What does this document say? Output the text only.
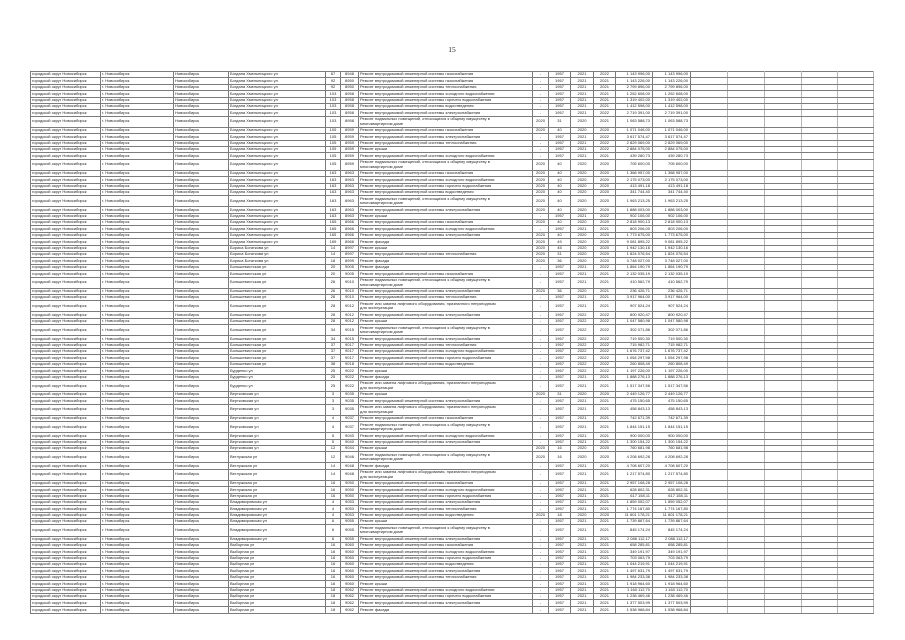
15
городской округ Новосибирск	г. Новосибирск	Новосибирск	Богдана Хмельницкого ул	87	8948	Ремонт внутридомовой инженерной системы газоснабжения	-	1957	2021	2022	1 143 996,00	1 143 996,00					
городской округ Новосибирск	г. Новосибирск	Новосибирск	Богдана Хмельницкого ул	92	8950	Ремонт внутридомовой инженерной системы газоснабжения	-	1957	2021	2021	1 143 226,00	1 143 226,00					
городской округ Новосибирск	г. Новосибирск	Новосибирск	Богдана Хмельницкого ул	92	8950	Ремонт внутридомовой инженерной системы теплоснабжения	-	1957	2021	2021	2 799 896,00	2 799 896,00					
городской округ Новосибирск	г. Новосибирск	Новосибирск	Богдана Хмельницкого ул	103	8958	Ремонт внутридомовой инженерной системы холодного водоснабжения	-	1957	2021	2021	1 252 608,00	1 252 608,00					
городской округ Новосибирск	г. Новосибирск	Новосибирск	Богдана Хмельницкого ул	103	8958	Ремонт внутридомовой инженерной системы горячего водоснабжения	-	1957	2021	2021	1 319 402,00	1 319 402,00					
городской округ Новосибирск	г. Новосибирск	Новосибирск	Богдана Хмельницкого ул	103	8958	Ремонт внутридомовой инженерной системы водоотведения	-	1957	2021	2021	1 412 598,00	1 412 598,00					
городской округ Новосибирск	г. Новосибирск	Новосибирск	Богдана Хмельницкого ул	103	8958	Ремонт внутридомовой инженерной системы электроснабжения	-	1957	2021	2022	2 719 391,00	2 719 391,00					
городской округ Новосибирск	г. Новосибирск	Новосибирск	Богдана Хмельницкого ул	103	8958	Ремонт подвальных помещений, относящихся к общему имуществу в многоквартирном доме	2020	31	2020	2021	1 063 588,73	1 063 588,73					
городской округ Новосибирск	г. Новосибирск	Новосибирск	Богдана Хмельницкого ул	105	8959	Ремонт внутридомовой инженерной системы газоснабжения	2020	40	2020	2020	1 071 046,00	1 071 046,00					
городской округ Новосибирск	г. Новосибирск	Новосибирск	Богдана Хмельницкого ул	105	8959	Ремонт внутридомовой инженерной системы электроснабжения	-	1957	2021	2022	3 617 574,47	3 617 574,47					
городской округ Новосибирск	г. Новосибирск	Новосибирск	Богдана Хмельницкого ул	105	8959	Ремонт внутридомовой инженерной системы теплоснабжения	-	1957	2021	2022	2 829 069,00	2 829 069,00					
городской округ Новосибирск	г. Новосибирск	Новосибирск	Богдана Хмельницкого ул	105	8959	Ремонт крыши	-	1957	2021	2022	2 884 075,00	2 884 075,00					
городской округ Новосибирск	г. Новосибирск	Новосибирск	Богдана Хмельницкого ул	105	8959	Ремонт внутридомовой инженерной системы холодного водоснабжения	-	1957	2021	2021	439 280,73	439 280,73					
городской округ Новосибирск	г. Новосибирск	Новосибирск	Богдана Хмельницкого ул	105	8959	Ремонт подвальных помещений, относящихся к общему имуществу в многоквартирном доме	2020	40	2020	2020	705 600,00	705 600,00					
городской округ Новосибирск	г. Новосибирск	Новосибирск	Богдана Хмельницкого ул	163	8963	Ремонт внутридомовой инженерной системы газоснабжения	2020	40	2020	2020	1 368 957,00	1 368 957,00					
городской округ Новосибирск	г. Новосибирск	Новосибирск	Богдана Хмельницкого ул	163	8963	Ремонт внутридомовой инженерной системы холодного водоснабжения	2020	40	2020	2020	2 175 073,00	2 175 073,00					
городской округ Новосибирск	г. Новосибирск	Новосибирск	Богдана Хмельницкого ул	163	8963	Ремонт внутридомовой инженерной системы горячего водоснабжения	2020	40	2020	2020	413 491,18	413 491,18					
городской округ Новосибирск	г. Новосибирск	Новосибирск	Богдана Хмельницкого ул	163	8963	Ремонт внутридомовой инженерной системы водоотведения	2020	40	2020	2020	341 744,40	341 744,40					
городской округ Новосибирск	г. Новосибирск	Новосибирск	Богдана Хмельницкого ул	163	8963	Ремонт подвальных помещений, относящихся к общему имуществу в многоквартирном доме	2020	40	2020	2020	1 963 213,25	1 963 213,25					
городской округ Новосибирск	г. Новосибирск	Новосибирск	Богдана Хмельницкого ул	163	8963	Ремонт внутридомовой инженерной системы электроснабжения	2020	40	2020	2020	1 888 003,00	1 888 003,00					
городской округ Новосибирск	г. Новосибирск	Новосибирск	Богдана Хмельницкого ул	163	8963	Ремонт крыши	-	1957	2021	2022	902 106,00	902 106,00					
городской округ Новосибирск	г. Новосибирск	Новосибирск	Богдана Хмельницкого ул	165	8966	Ремонт внутридомовой инженерной системы газоснабжения	2020	40	2020	2020	2 818 900,13	2 818 900,13					
городской округ Новосибирск	г. Новосибирск	Новосибирск	Богдана Хмельницкого ул	165	8966	Ремонт внутридомовой инженерной системы холодного водоснабжения	-	1957	2021	2021	803 206,00	803 206,00					
городской округ Новосибирск	г. Новосибирск	Новосибирск	Богдана Хмельницкого ул	165	8966	Ремонт внутридомовой инженерной системы электроснабжения	2020	40	2020	2020	1 773 675,00	1 773 675,00					
городской округ Новосибирск	г. Новосибирск	Новосибирск	Богдана Хмельницкого ул	165	8966	Ремонт фасада	2020	49	2020	2020	9 081 895,22	9 081 895,22					
городской округ Новосибирск	г. Новосибирск	Новосибирск	Бориса Богаткова ул	14	8997	Ремонт крыши	2020	45	2020	2020	1 942 130,16	1 942 130,16					
городской округ Новосибирск	г. Новосибирск	Новосибирск	Бориса Богаткова ул	14	8997	Ремонт внутридомовой инженерной системы теплоснабжения	2020	31	2020	2020	1 824 076,54	1 824 076,54					
городской округ Новосибирск	г. Новосибирск	Новосибирск	Бориса Богаткова ул	18	8999	Ремонт фасада	2020	36	2020	2020	3 748 027,00	3 748 027,00					
городской округ Новосибирск	г. Новосибирск	Новосибирск	Большевистская ул	20	9005	Ремонт фасада	-	1957	2021	2022	1 864 190,79	1 864 190,79					
городской округ Новосибирск	г. Новосибирск	Новосибирск	Большевистская ул	20	9005	Ремонт внутридомовой инженерной системы газоснабжения	-	1957	2021	2021	2 132 035,19	2 132 035,19					
городской округ Новосибирск	г. Новосибирск	Новосибирск	Большевистская ул	26	9010	Ремонт подвальных помещений, относящихся к общему имуществу в многоквартирном доме	-	1957	2021	2021	410 562,79	410 562,79					
городской округ Новосибирск	г. Новосибирск	Новосибирск	Большевистская ул	26	9010	Ремонт внутридомовой инженерной системы электроснабжения	2020	36	2020	2021	236 426,71	236 426,71					
городской округ Новосибирск	г. Новосибирск	Новосибирск	Большевистская ул	26	9010	Ремонт внутридомовой инженерной системы теплоснабжения	-	1957	2021	2021	3 917 964,00	3 917 964,00					
городской округ Новосибирск	г. Новосибирск	Новосибирск	Большевистская ул	28	9012	Ремонт или замена лифтового оборудования, признанного непригодным для эксплуатации	-	1957	2021	2021	907 524,24	907 524,24					
городской округ Новосибирск	г. Новосибирск	Новосибирск	Большевистская ул	28	9012	Ремонт внутридомовой инженерной системы электроснабжения	-	1957	2022	2022	800 920,47	800 920,47					
городской округ Новосибирск	г. Новосибирск	Новосибирск	Большевистская ул	28	9012	Ремонт крыши	-	1957	2022	2022	1 047 580,98	1 047 580,98					
городской округ Новосибирск	г. Новосибирск	Новосибирск	Большевистская ул	34	9015	Ремонт подвальных помещений, относящихся к общему имуществу в многоквартирном доме	-	1957	2022	2022	302 071,86	302 071,86					
городской округ Новосибирск	г. Новосибирск	Новосибирск	Большевистская ул	34	9015	Ремонт внутридомовой инженерной системы электроснабжения	-	1957	2022	2022	719 500,30	719 500,30					
городской округ Новосибирск	г. Новосибирск	Новосибирск	Большевистская ул	37	9017	Ремонт внутридомовой инженерной системы теплоснабжения	-	1957	2022	2022	715 982,71	715 982,71					
городской округ Новосибирск	г. Новосибирск	Новосибирск	Большевистская ул	37	9017	Ремонт внутридомовой инженерной системы холодного водоснабжения	-	1957	2022	2022	1 676 737,42	1 676 737,42					
городской округ Новосибирск	г. Новосибирск	Новосибирск	Большевистская ул	37	9017	Ремонт внутридомовой инженерной системы горячего водоснабжения	-	1957	2022	2022	1 054 297,98	1 054 297,98					
городской округ Новосибирск	г. Новосибирск	Новосибирск	Большевистская ул	38	9018	Ремонт внутридомовой инженерной системы водоотведения	-	1957	2022	2022	260 808,49	260 808,49					
городской округ Новосибирск	г. Новосибирск	Новосибирск	Бурденко ул	25	9022	Ремонт крыши	-	1957	2022	2022	1 197 226,00	1 197 226,00					
городской округ Новосибирск	г. Новосибирск	Новосибирск	Бурденко ул	25	9022	Ремонт фасада	-	1957	2021	2021	1 888 276,13	1 888 276,13					
городской округ Новосибирск	г. Новосибирск	Новосибирск	Бурденко ул	25	9022	Ремонт или замена лифтового оборудования, признанного непригодным для эксплуатации	-	1957	2021	2021	1 517 347,56	1 517 347,56					
городской округ Новосибирск	г. Новосибирск	Новосибирск	Вертковская ул	3	9035	Ремонт крыши	2020	31	2020	2020	2 449 126,77	2 449 126,77					
городской округ Новосибирск	г. Новосибирск	Новосибирск	Вертковская ул	3	9035	Ремонт внутридомовой инженерной системы электроснабжения	-	1957	2021	2021	475 150,65	475 150,65					
городской округ Новосибирск	г. Новосибирск	Новосибирск	Вертковская ул	3	9035	Ремонт или замена лифтового оборудования, признанного непригодным для эксплуатации	-	1957	2021	2021	458 843,13	458 843,13					
городской округ Новосибирск	г. Новосибирск	Новосибирск	Вертковская ул	4	9037	Ремонт внутридомовой инженерной системы газоснабжения	-	1957	2021	2021	742 671,39	742 671,39					
городской округ Новосибирск	г. Новосибирск	Новосибирск	Вертковская ул	4	9037	Ремонт подвальных помещений, относящихся к общему имуществу в многоквартирном доме	-	1957	2021	2021	1 844 151,15	1 844 151,15					
городской округ Новосибирск	г. Новосибирск	Новосибирск	Вертковская ул	5	9040	Ремонт внутридомовой инженерной системы холодного водоснабжения	-	1957	2021	2021	900 000,00	900 000,00					
городской округ Новосибирск	г. Новосибирск	Новосибирск	Вертковская ул	5	9040	Ремонт внутридомовой инженерной системы электроснабжения	-	1957	2021	2021	1 300 154,22	1 300 154,22					
городской округ Новосибирск	г. Новосибирск	Новосибирск	Вертковская ул	12	9044	Ремонт крыши	2020	16	2020	2020	760 681,98	760 681,98					
городской округ Новосибирск	г. Новосибирск	Новосибирск	Ветлужская ул	12	9046	Ремонт подвальных помещений, относящихся к общему имуществу в многоквартирном доме	2020	16	2020	2020	4 208 692,28	4 208 692,28					
городской округ Новосибирск	г. Новосибирск	Новосибирск	Ветлужская ул	14	9048	Ремонт фасада	-	1957	2021	2021	4 708 607,20	4 708 607,20					
городской округ Новосибирск	г. Новосибирск	Новосибирск	Ветлужская ул	14	9048	Ремонт или замена лифтового оборудования, признанного непригодным для эксплуатации	-	1957	2021	2021	1 217 574,80	1 217 574,80					
городской округ Новосибирск	г. Новосибирск	Новосибирск	Ветлужская ул	16	9050	Ремонт внутридомовой инженерной системы газоснабжения	-	1957	2021	2021	2 957 108,28	2 957 108,28					
городской округ Новосибирск	г. Новосибирск	Новосибирск	Ветлужская ул	16	9050	Ремонт внутридомовой инженерной системы холодного водоснабжения	-	1957	2021	2021	628 802,31	628 802,31					
городской округ Новосибирск	г. Новосибирск	Новосибирск	Ветлужская ул	16	9050	Ремонт внутридомовой инженерной системы горячего водоснабжения	-	1957	2021	2021	617 158,11	617 158,11					
городской округ Новосибирск	г. Новосибирск	Новосибирск	Владимировская ул	4	9053	Ремонт внутридомовой инженерной системы электроснабжения	-	1957	2021	2021	1 859 052,07	1 859 052,07					
городской округ Новосибирск	г. Новосибирск	Новосибирск	Владимировская ул	4	9053	Ремонт внутридомовой инженерной системы теплоснабжения	-	1957	2021	2021	1 774 167,80	1 774 167,80					
городской округ Новосибирск	г. Новосибирск	Новосибирск	Владимировская ул	4	9053	Ремонт внутридомовой инженерной системы водоотведения	2020	18	2020	2020	11 601 178,21	11 601 178,21					
городской округ Новосибирск	г. Новосибирск	Новосибирск	Владимировская ул	6	9055	Ремонт крыши	-	1957	2021	2021	1 739 867,64	1 739 867,64					
городской округ Новосибирск	г. Новосибирск	Новосибирск	Владимировская ул	6	9055	Ремонт подвальных помещений, относящихся к общему имуществу в многоквартирном доме	-	1957	2021	2021	845 174,24	845 174,24					
городской округ Новосибирск	г. Новосибирск	Новосибирск	Владимировская ул	6	9055	Ремонт внутридомовой инженерной системы электроснабжения	-	1957	2021	2021	2 086 112,17	2 086 112,17					
городской округ Новосибирск	г. Новосибирск	Новосибирск	Выборная ул	16	9060	Ремонт внутридомовой инженерной системы газоснабжения	-	1957	2021	2021	658 285,81	658 285,81					
городской округ Новосибирск	г. Новосибирск	Новосибирск	Выборная ул	16	9060	Ремонт внутридомовой инженерной системы холодного водоснабжения	-	1957	2021	2021	349 191,97	349 191,97					
городской округ Новосибирск	г. Новосибирск	Новосибирск	Выборная ул	16	9060	Ремонт внутридомовой инженерной системы горячего водоснабжения	-	1957	2021	2021	703 063,79	703 063,79					
городской округ Новосибирск	г. Новосибирск	Новосибирск	Выборная ул	16	9060	Ремонт внутридомовой инженерной системы водоотведения	-	1957	2021	2021	1 044 219,91	1 044 219,91					
городской округ Новосибирск	г. Новосибирск	Новосибирск	Выборная ул	16	9060	Ремонт внутридомовой инженерной системы электроснабжения	-	1957	2021	2021	1 497 631,79	1 497 631,79					
городской округ Новосибирск	г. Новосибирск	Новосибирск	Выборная ул	16	9060	Ремонт внутридомовой инженерной системы теплоснабжения	-	1957	2021	2021	1 984 233,38	1 984 233,38					
городской округ Новосибирск	г. Новосибирск	Новосибирск	Выборная ул	16	9060	Ремонт крыши	-	1957	2021	2021	1 918 964,60	1 918 964,60					
городской округ Новосибирск	г. Новосибирск	Новосибирск	Выборная ул	18	9062	Ремонт внутридомовой инженерной системы холодного водоснабжения	-	1957	2021	2021	1 160 112,70	1 160 112,70					
городской округ Новосибирск	г. Новосибирск	Новосибирск	Выборная ул	18	9062	Ремонт внутридомовой инженерной системы горячего водоснабжения	-	1957	2021	2021	1 238 469,46	1 238 469,46					
городской округ Новосибирск	г. Новосибирск	Новосибирск	Выборная ул	18	9062	Ремонт внутридомовой инженерной системы электроснабжения	-	1957	2021	2021	1 377 503,99	1 377 503,99					
городской округ Новосибирск	г. Новосибирск	Новосибирск	Выборная ул	18	9062	Ремонт фасада	-	1957	2021	2021	1 538 968,84	1 538 968,84					
